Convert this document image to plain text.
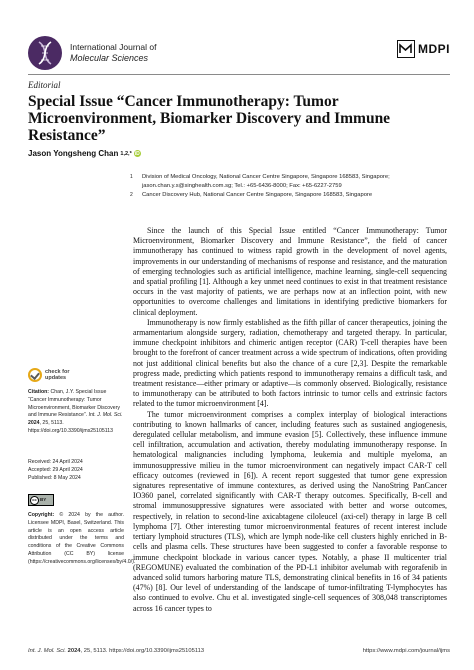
International Journal of
Molecular Sciences
MDPI
Editorial
Special Issue “Cancer Immunotherapy: Tumor Microenvironment, Biomarker Discovery and Immune Resistance”
Jason Yongsheng Chan 1,2,* iD
1	Division of Medical Oncology, National Cancer Centre Singapore, Singapore 168583, Singapore; jason.chan.y.s@singhealth.com.sg; Tel.: +65-6436-8000; Fax: +65-6227-2759
2	Cancer Discovery Hub, National Cancer Centre Singapore, Singapore 168583, Singapore

Since the launch of this Special Issue entitled “Cancer Immunotherapy: Tumor Microenvironment, Biomarker Discovery and Immune Resistance”, the field of cancer immunotherapy has continued to witness rapid growth in the development of novel agents, improvements in our understanding of mechanisms of response and resistance, and the maturation of emerging technologies such as artificial intelligence, machine learning, single-cell sequencing and spatial profiling [1]. Although a key unmet need continues to exist in that treatment resistance occurs in the vast majority of patients, we are perhaps now at an inflection point, with new opportunities to overcome challenges and limitations in identifying predictive biomarkers for clinical deployment.

Immunotherapy is now firmly established as the fifth pillar of cancer therapeutics, joining the armamentarium alongside surgery, radiation, chemotherapy and targeted therapy. In particular, immune checkpoint inhibitors and chimeric antigen receptor (CAR) T-cell therapies have been brought to the forefront of cancer treatment across a wide spectrum of indications, often providing not just additional clinical benefits but also the chance of a cure [2,3]. Despite the remarkable progress made, predicting which patients respond to immunotherapy remains a difficult task, and treatment resistance—either primary or adaptive—is commonly observed. Biologically, resistance to immunotherapy can be attributed to both factors intrinsic to tumor cells and extrinsic factors related to the tumor microenvironment [4].

The tumor microenvironment comprises a complex interplay of biological interactions contributing to known hallmarks of cancer, including features such as sustained angiogenesis, deregulated cellular metabolism, and immune evasion [5]. Collectively, these influence immune cell infiltration, accumulation and activation, thereby modulating immunotherapy response. In hematological malignancies including lymphoma, leukemia and multiple myeloma, an immunosuppressive milieu in the tumor microenvironment can negatively impact CAR-T cell efficacy outcomes (reviewed in [6]). A recent report suggested that tumor gene expression signatures representative of immune contextures, as derived using the NanoString PanCancer IO360 panel, correlated significantly with CAR-T therapy outcomes. Specifically, B-cell and stromal immunosuppressive signatures were associated with better and worse outcomes, respectively, in relation to second-line axicabtagene ciloleucel (axi-cel) therapy in large B cell lymphoma [7]. Other interesting tumor microenvironmental features of recent interest include tertiary lymphoid structures (TLS), which are lymph node-like cell clusters highly enriched in B-cells and plasma cells. These structures have been suggested to confer a favorable response to immune checkpoint blockade in various cancer types. Notably, a phase II multicenter trial (REGOMUNE) evaluated the combination of the PD-L1 inhibitor avelumab with regorafenib in advanced solid tumors harboring mature TLS, demonstrating clinical benefits in 16 of 34 patients (47%) [8]. Our level of understanding of the landscape of tumor-infiltrating T-lymphocytes has also continued to evolve. Chu et al. investigated single-cell sequences of 308,048 transcriptomes across 16 cancer types to

check for
updates
Citation: Chan, J.Y. Special Issue “Cancer Immunotherapy: Tumor Microenvironment, Biomarker Discovery and Immune Resistance”. Int. J. Mol. Sci. 2024, 25, 5113. https://doi.org/10.3390/ijms25105113
Received: 24 April 2024
Accepted: 29 April 2024
Published: 8 May 2024
cc BY
Copyright: © 2024 by the author. Licensee MDPI, Basel, Switzerland. This article is an open access article distributed under the terms and conditions of the Creative Commons Attribution (CC BY) license (https://creativecommons.org/licenses/by/4.0/).
Int. J. Mol. Sci. 2024, 25, 5113. https://doi.org/10.3390/ijms25105113	https://www.mdpi.com/journal/ijms
